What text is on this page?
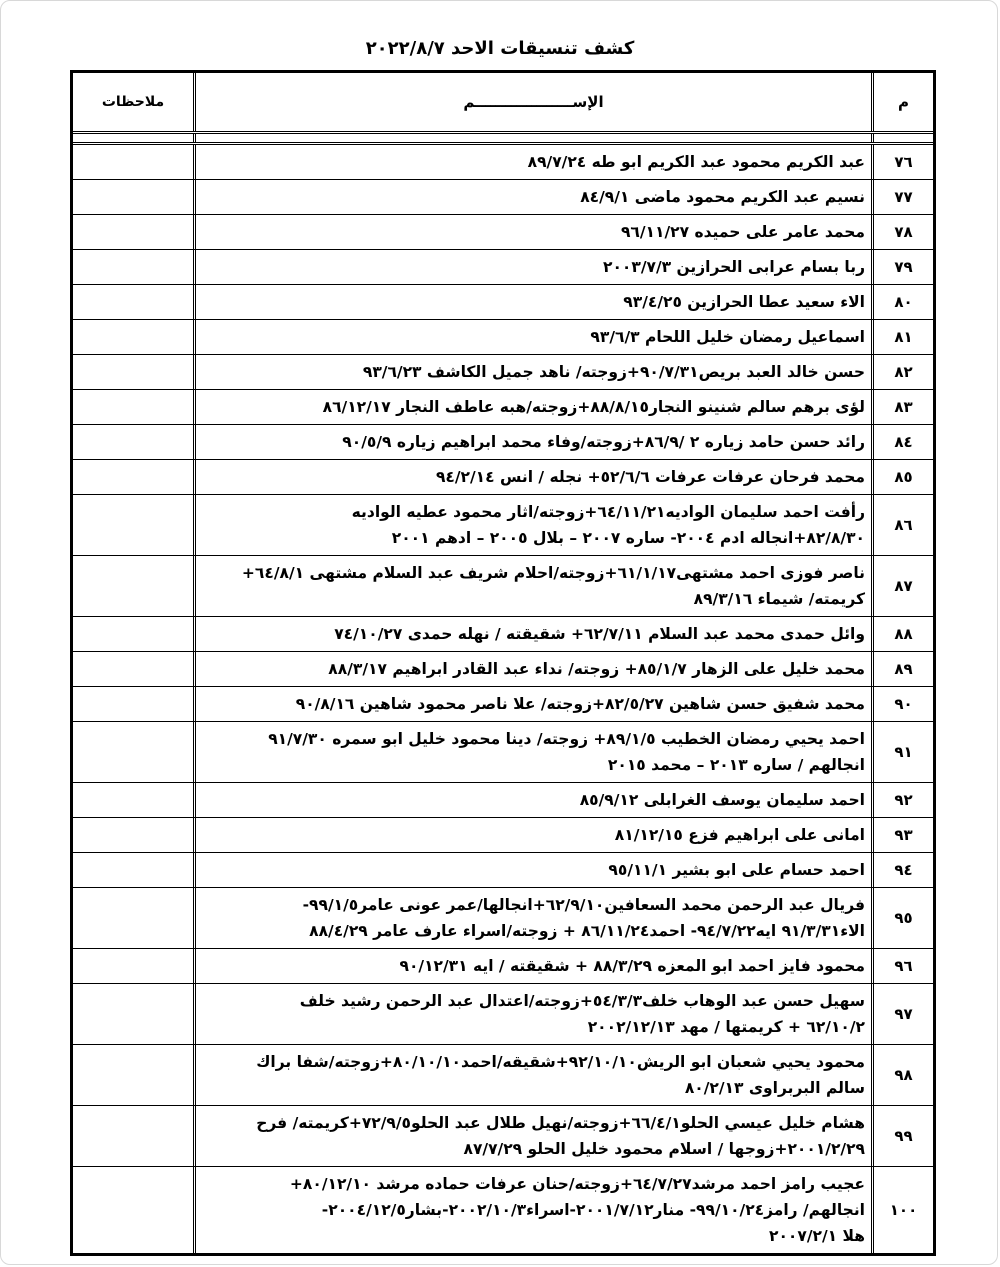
كشف تنسيقات الاحد ٢٠٢٢/٨/٧
م
الإســـــــــــــــــــم
ملاحظات
٧٦
عبد الكريم محمود عبد الكريم ابو طه ٨٩/٧/٢٤
٧٧
نسيم عبد الكريم محمود ماضى ٨٤/٩/١
٧٨
محمد عامر على حميده ٩٦/١١/٢٧
٧٩
ربا بسام عرابى الحرازين ٢٠٠٣/٧/٣
٨٠
الاء سعيد عطا الحرازين ٩٣/٤/٢٥
٨١
اسماعيل رمضان خليل اللحام ٩٣/٦/٣
٨٢
حسن خالد العبد بريص٩٠/٧/٣١+زوجته/ ناهد جميل الكاشف ٩٣/٦/٢٣
٨٣
لؤى برهم سالم شنينو النجار٨٨/٨/١٥+زوجته/هبه عاطف النجار ٨٦/١٢/١٧
٨٤
رائد حسن حامد زياره ٢ /٨٦/٩+زوجته/وفاء محمد ابراهيم زياره ٩٠/٥/٩
٨٥
محمد فرحان عرفات عرفات ٥٢/٦/٦+ نجله / انس ٩٤/٢/١٤
٨٦
رأفت احمد سليمان الواديه٦٤/١١/٢١+زوجته/اثار محمود عطيه الواديه
٨٢/٨/٣٠+انجاله ادم ٢٠٠٤- ساره ٢٠٠٧ – بلال ٢٠٠٥ – ادهم ٢٠٠١
٨٧
ناصر فوزى احمد مشتهى٦١/١/١٧+زوجته/احلام شريف عبد السلام مشتهى ٦٤/٨/١+
كريمته/ شيماء ٨٩/٣/١٦
٨٨
وائل حمدى محمد عبد السلام ٦٢/٧/١١+ شقيقته / نهله حمدى ٧٤/١٠/٢٧
٨٩
محمد خليل على الزهار ٨٥/١/٧+ زوجته/ نداء عبد القادر ابراهيم ٨٨/٣/١٧
٩٠
محمد شفيق حسن شاهين ٨٢/٥/٢٧+زوجته/ علا ناصر محمود شاهين ٩٠/٨/١٦
٩١
احمد يحيي رمضان الخطيب ٨٩/١/٥+ زوجته/ دينا محمود خليل ابو سمره ٩١/٧/٣٠
انجالهم / ساره ٢٠١٣ – محمد ٢٠١٥
٩٢
احمد سليمان يوسف الغرابلى ٨٥/٩/١٢
٩٣
امانى على ابراهيم فزع ٨١/١٢/١٥
٩٤
احمد حسام على ابو بشير ٩٥/١١/١
٩٥
فريال عبد الرحمن محمد السعافين٦٢/٩/١٠+انجالها/عمر عونى عامر٩٩/١/٥-
الاء٩١/٣/٣١ ايه٩٤/٧/٢٢- احمد٨٦/١١/٢٤ + زوجته/اسراء عارف عامر ٨٨/٤/٢٩
٩٦
محمود فايز احمد ابو المعزه ٨٨/٣/٢٩ + شقيقته / ايه ٩٠/١٢/٣١
٩٧
سهيل حسن عبد الوهاب خلف٥٤/٣/٣+زوجته/اعتدال عبد الرحمن رشيد خلف
٦٢/١٠/٢ + كريمتها / مهد ٢٠٠٢/١٢/١٣
٩٨
محمود يحيي شعبان ابو الريش٩٢/١٠/١٠+شقيقه/احمد٨٠/١٠/١٠+زوجته/شفا براك
سالم البربراوى ٨٠/٢/١٣
٩٩
هشام خليل عيسي الحلو٦٦/٤/١+زوجته/نهيل طلال عبد الحلو٧٢/٩/٥+كريمته/ فرح
٢٠٠١/٢/٢٩+زوجها / اسلام محمود خليل الحلو ٨٧/٧/٢٩
١٠٠
عجيب رامز احمد مرشد٦٤/٧/٢٧+زوجته/حنان عرفات حماده مرشد ٨٠/١٢/١٠+
انجالهم/ رامز٩٩/١٠/٢٤- منار٢٠٠١/٧/١٢-اسراء٢٠٠٢/١٠/٣-بشار٢٠٠٤/١٢/٥-
هلا ٢٠٠٧/٢/١
